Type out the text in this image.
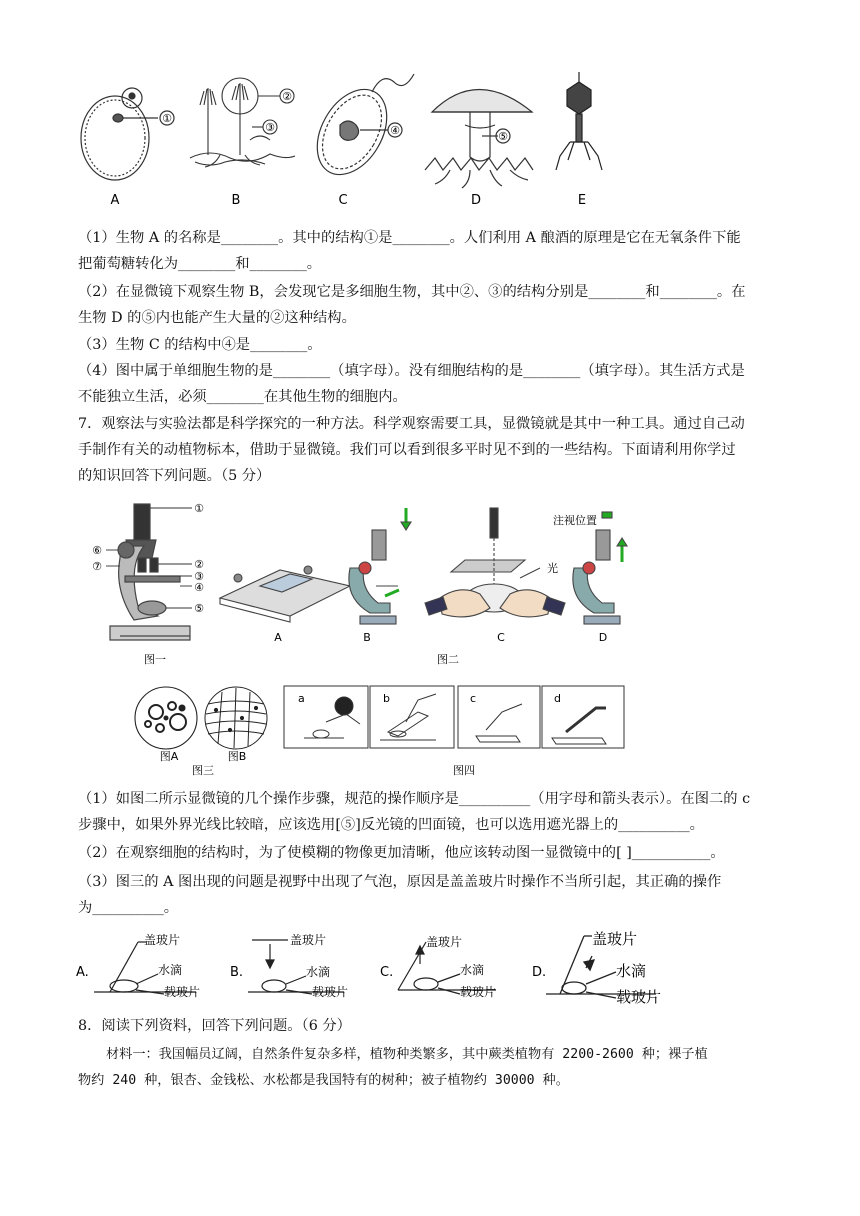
①
②
③	④	⑤
A	B	C	D	E
（1）生物 A 的名称是________。其中的结构①是________。人们利用 A 酿酒的原理是它在无氧条件下能
把葡萄糖转化为________和________。
（2）在显微镜下观察生物 B，会发现它是多细胞生物，其中②、③的结构分别是________和________。在
生物 D 的⑤内也能产生大量的②这种结构。
（3）生物 C 的结构中④是________。
（4）图中属于单细胞生物的是________（填字母）。没有细胞结构的是________（填字母）。其生活方式是
不能独立生活，必须________在其他生物的细胞内。
7．观察法与实验法都是科学探究的一种方法。科学观察需要工具，显微镜就是其中一种工具。通过自己动
手制作有关的动植物标本，借助于显微镜。我们可以看到很多平时见不到的一些结构。下面请利用你学过
的知识回答下列问题。（5 分）
①
②
③
④
⑤
⑥
⑦
图一
A	B
光
C
注视位置
D
图二
图A	图B
图三
a	b	c	d
图四
（1）如图二所示显微镜的几个操作步骤，规范的操作顺序是__________（用字母和箭头表示）。在图二的 c
步骤中，如果外界光线比较暗，应该选用[⑤]反光镜的凹面镜，也可以选用遮光器上的__________。
（2）在观察细胞的结构时，为了使模糊的物像更加清晰，他应该转动图一显微镜中的[ ]___________。
（3）图三的 A 图出现的问题是视野中出现了气泡，原因是盖盖玻片时操作不当所引起，其正确的操作
为__________。
A.
盖玻片
水滴
载玻片
B.
盖玻片
水滴
载玻片
C.
盖玻片
水滴
载玻片
D.
盖玻片
水滴
载玻片
8．阅读下列资料，回答下列问题。（6 分）
材料一：我国幅员辽阔，自然条件复杂多样，植物种类繁多，其中蕨类植物有 2200-2600 种；裸子植
物约 240 种，银杏、金钱松、水松都是我国特有的树种；被子植物约 30000 种。
